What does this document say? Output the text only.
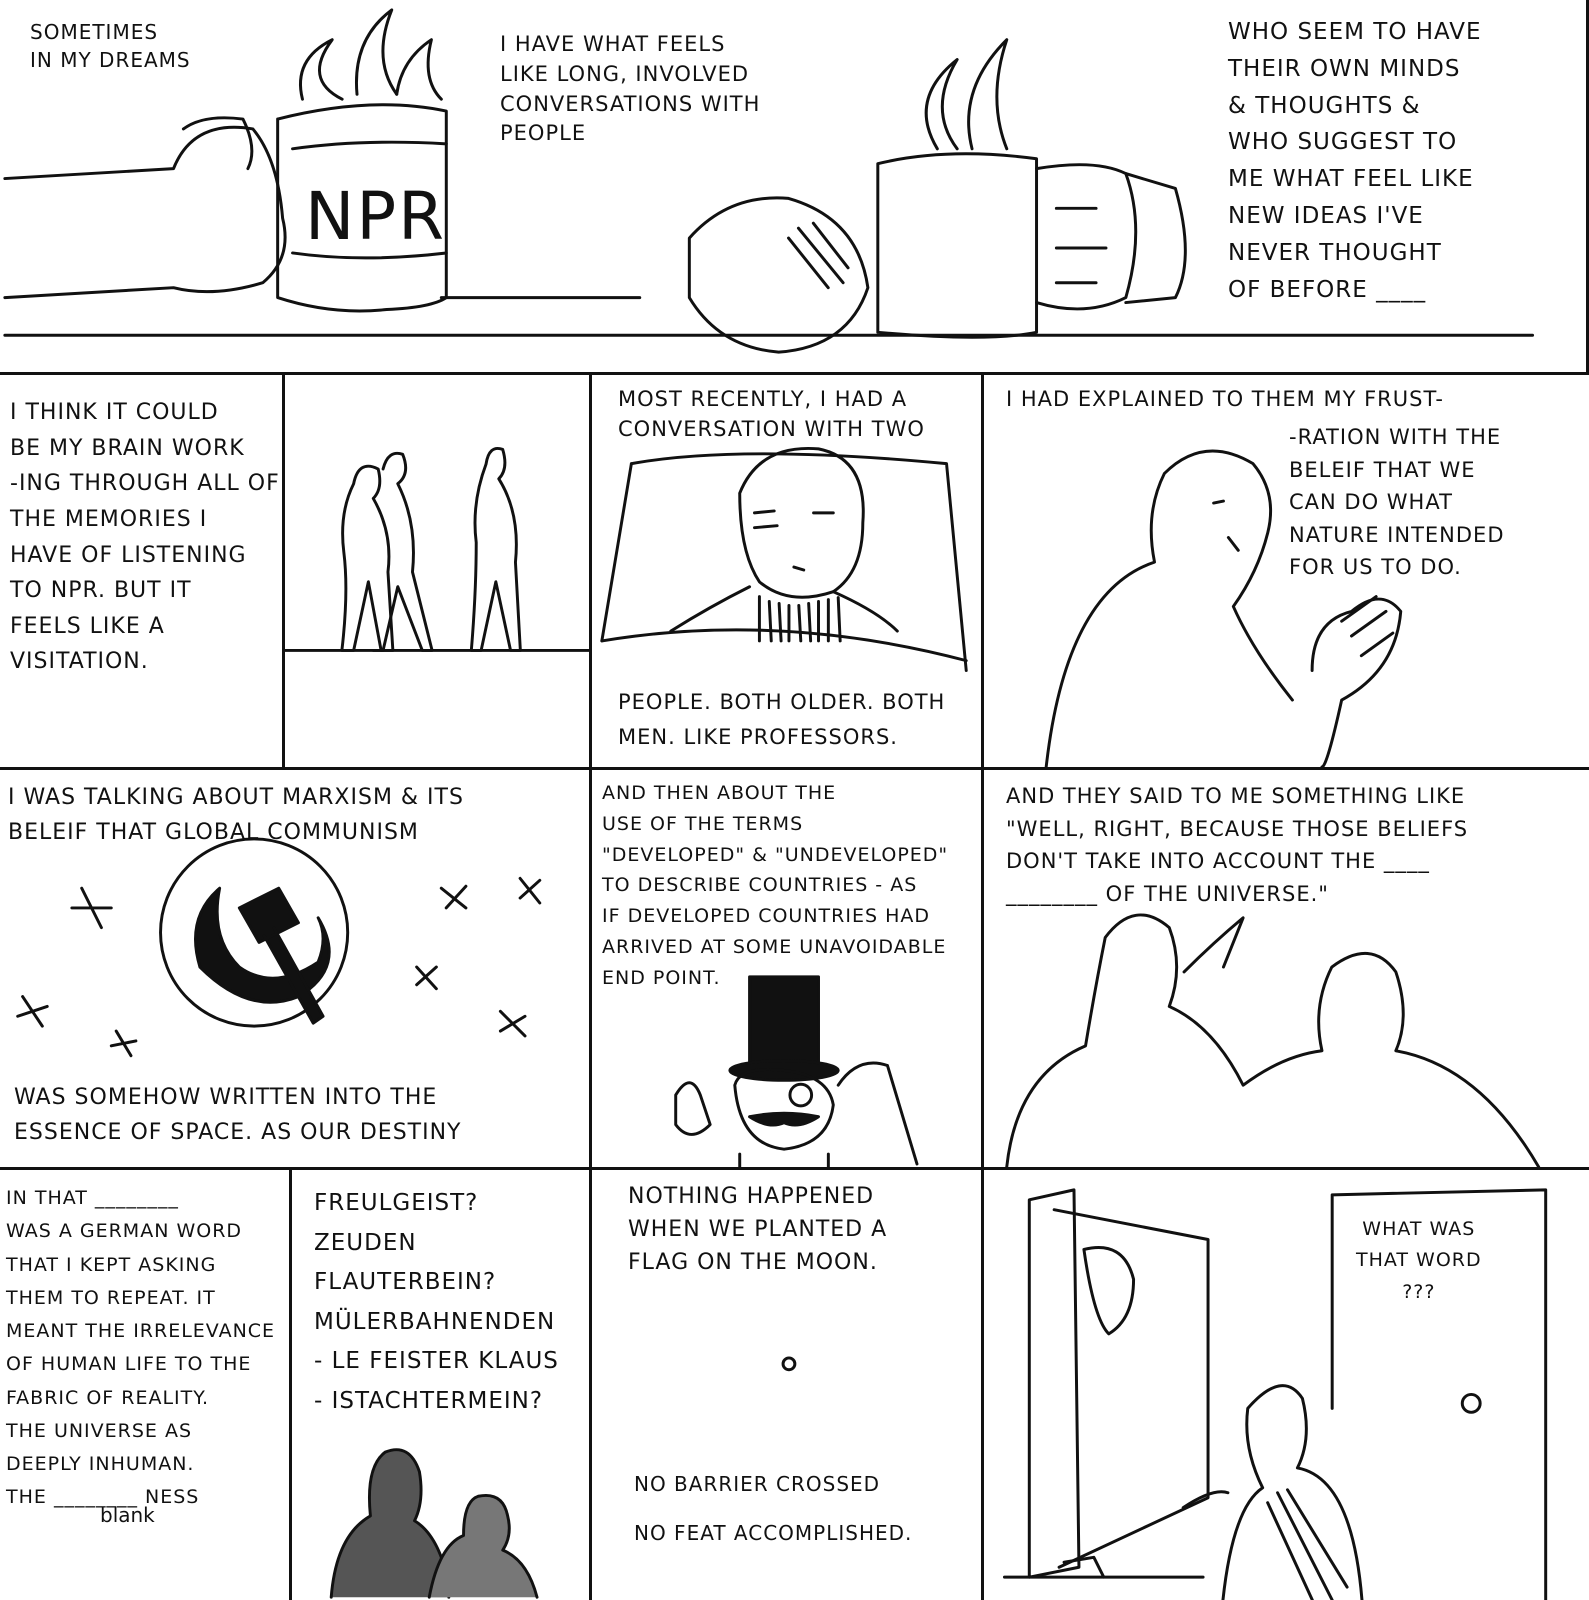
SOMETIMES
IN MY DREAMS
NPR
I HAVE WHAT FEELS
LIKE LONG, INVOLVED
CONVERSATIONS WITH
PEOPLE
WHO SEEM TO HAVE
THEIR OWN MINDS
& THOUGHTS &
WHO SUGGEST TO
ME WHAT FEEL LIKE
NEW IDEAS I'VE
NEVER THOUGHT
OF BEFORE ____
I THINK IT COULD
BE MY BRAIN WORK
-ING THROUGH ALL OF
THE MEMORIES I
HAVE OF LISTENING
TO NPR. BUT IT
FEELS LIKE A
VISITATION.
MOST RECENTLY, I HAD A
CONVERSATION WITH TWO
PEOPLE. BOTH OLDER. BOTH
MEN. LIKE PROFESSORS.
I HAD EXPLAINED TO THEM MY FRUST-
-RATION WITH THE
BELEIF THAT WE
CAN DO WHAT
NATURE INTENDED
FOR US TO DO.
I WAS TALKING ABOUT MARXISM & ITS
BELEIF THAT GLOBAL COMMUNISM
WAS SOMEHOW WRITTEN INTO THE
ESSENCE OF SPACE. AS OUR DESTINY
AND THEN ABOUT THE
USE OF THE TERMS
"DEVELOPED" & "UNDEVELOPED"
TO DESCRIBE COUNTRIES - AS
IF DEVELOPED COUNTRIES HAD
ARRIVED AT SOME UNAVOIDABLE
END POINT.
AND THEY SAID TO ME SOMETHING LIKE
"WELL, RIGHT, BECAUSE THOSE BELIEFS
DON'T TAKE INTO ACCOUNT THE ____
________ OF THE UNIVERSE."
IN THAT ________
WAS A GERMAN WORD
THAT I KEPT ASKING
THEM TO REPEAT. IT
MEANT THE IRRELEVANCE
OF HUMAN LIFE TO THE
FABRIC OF REALITY.
THE UNIVERSE AS
DEEPLY INHUMAN.
THE ________ NESS
blank
FREULGEIST?
ZEUDEN FLAUTERBEIN?
MÜLERBAHNENDEN
- LE FEISTER KLAUS
- ISTACHTERMEIN?
NOTHING HAPPENED
WHEN WE PLANTED A
FLAG ON THE MOON.
NO BARRIER CROSSED
NO FEAT ACCOMPLISHED.
WHAT WAS
THAT WORD
???
